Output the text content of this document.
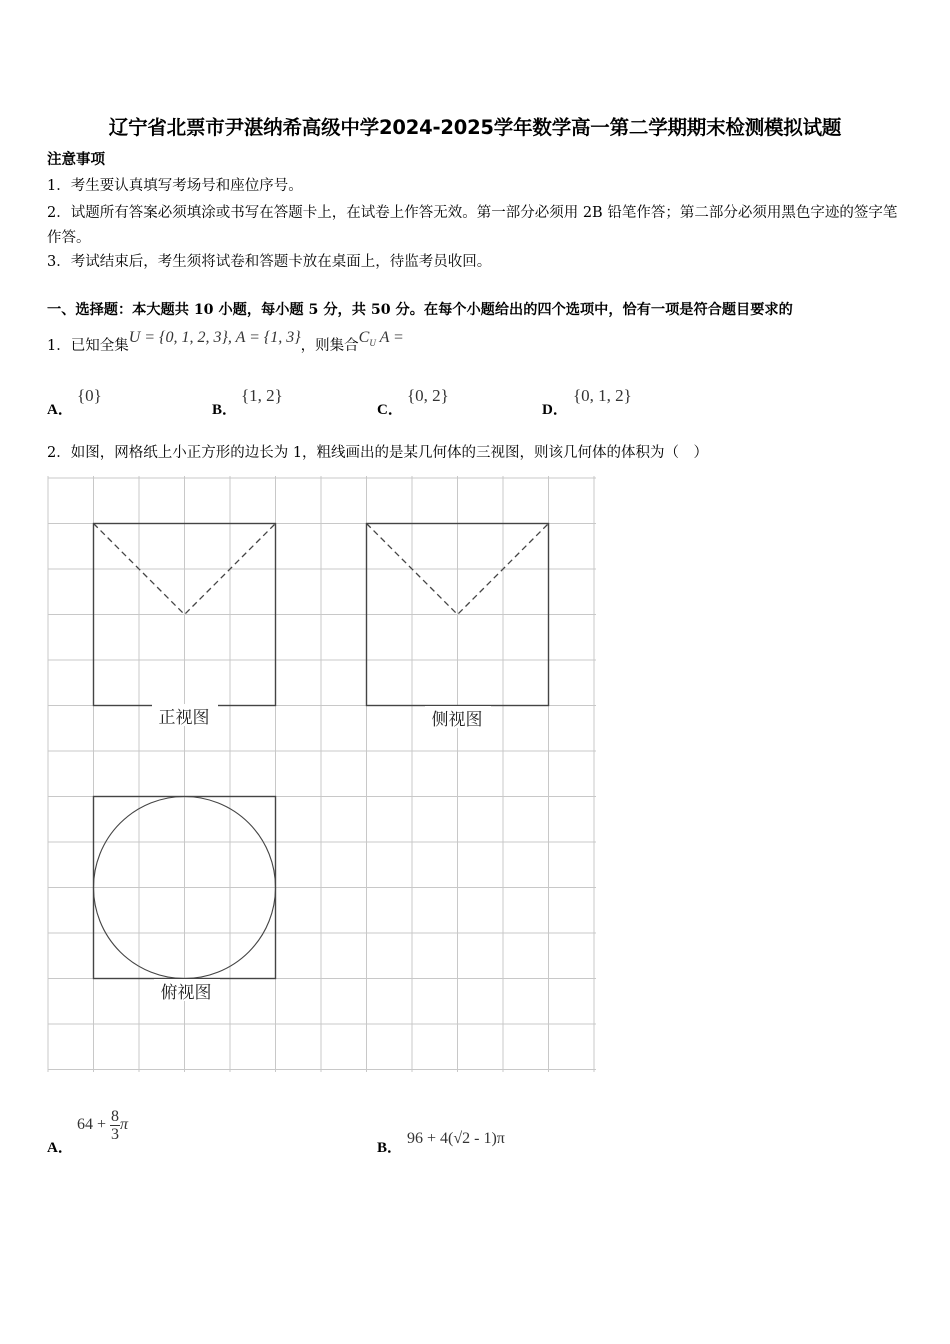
辽宁省北票市尹湛纳希高级中学2024-2025学年数学高一第二学期期末检测模拟试题
注意事项
1．考生要认真填写考场号和座位序号。
2．试题所有答案必须填涂或书写在答题卡上，在试卷上作答无效。第一部分必须用 2B 铅笔作答；第二部分必须用黑色字迹的签字笔作答。
3．考试结束后，考生须将试卷和答题卡放在桌面上，待监考员收回。
一、选择题：本大题共 10 小题，每小题 5 分，共 50 分。在每个小题给出的四个选项中，恰有一项是符合题目要求的
1．已知全集U = {0, 1, 2, 3}, A = {1, 3}，则集合$C_U$ A =
A．
{0}
B．
{1, 2}
C．
{0, 2}
D．
{0, 1, 2}
2．如图，网格纸上小正方形的边长为 1，粗线画出的是某几何体的三视图，则该几何体的体积为（　）
正视图	侧视图
俯视图
A．
$64 + \frac{8}{3}$ π
B．
96 + 4(√2 - 1)π
